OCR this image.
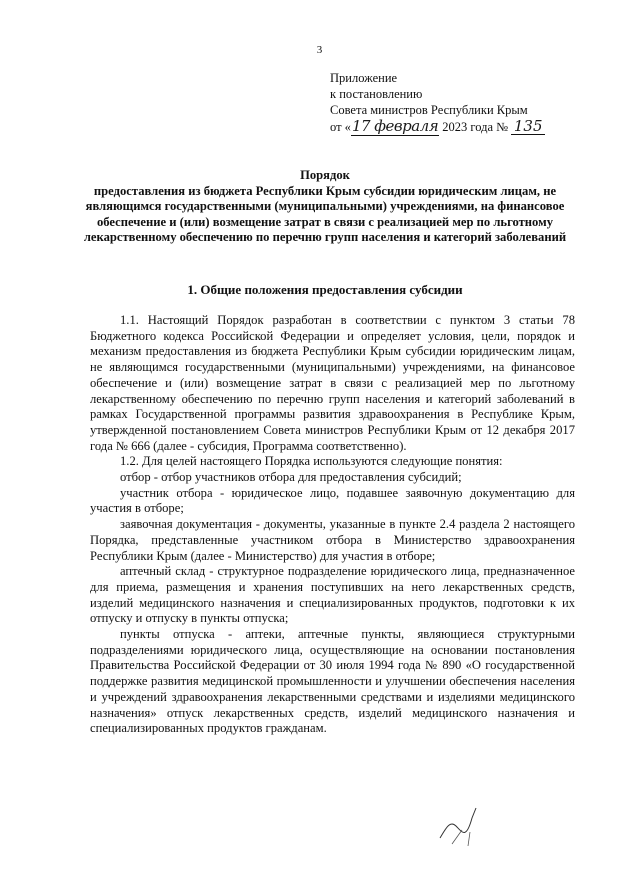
3
Приложение
к постановлению
Совета министров Республики Крым
от «17 февраля 2023 года № 135
Порядок
предоставления из бюджета Республики Крым субсидии юридическим лицам, не являющимся государственными (муниципальными) учреждениями, на финансовое обеспечение и (или) возмещение затрат в связи с реализацией мер по льготному лекарственному обеспечению по перечню групп населения и категорий заболеваний
1. Общие положения предоставления субсидии

1.1. Настоящий Порядок разработан в соответствии с пунктом 3 статьи 78 Бюджетного кодекса Российской Федерации и определяет условия, цели, порядок и механизм предоставления из бюджета Республики Крым субсидии юридическим лицам, не являющимся государственными (муниципальными) учреждениями, на финансовое обеспечение и (или) возмещение затрат в связи с реализацией мер по льготному лекарственному обеспечению по перечню групп населения и категорий заболеваний в рамках Государственной программы развития здравоохранения в Республике Крым, утвержденной постановлением Совета министров Республики Крым от 12 декабря 2017 года № 666 (далее - субсидия, Программа соответственно).

1.2. Для целей настоящего Порядка используются следующие понятия:

отбор - отбор участников отбора для предоставления субсидий;

участник отбора - юридическое лицо, подавшее заявочную документацию для участия в отборе;

заявочная документация - документы, указанные в пункте 2.4 раздела 2 настоящего Порядка, представленные участником отбора в Министерство здравоохранения Республики Крым (далее - Министерство) для участия в отборе;

аптечный склад - структурное подразделение юридического лица, предназначенное для приема, размещения и хранения поступивших на него лекарственных средств, изделий медицинского назначения и специализированных продуктов, подготовки к их отпуску и отпуску в пункты отпуска;

пункты отпуска - аптеки, аптечные пункты, являющиеся структурными подразделениями юридического лица, осуществляющие на основании постановления Правительства Российской Федерации от 30 июля 1994 года № 890 «О государственной поддержке развития медицинской промышленности и улучшении обеспечения населения и учреждений здравоохранения лекарственными средствами и изделиями медицинского назначения» отпуск лекарственных средств, изделий медицинского назначения и специализированных продуктов гражданам.
